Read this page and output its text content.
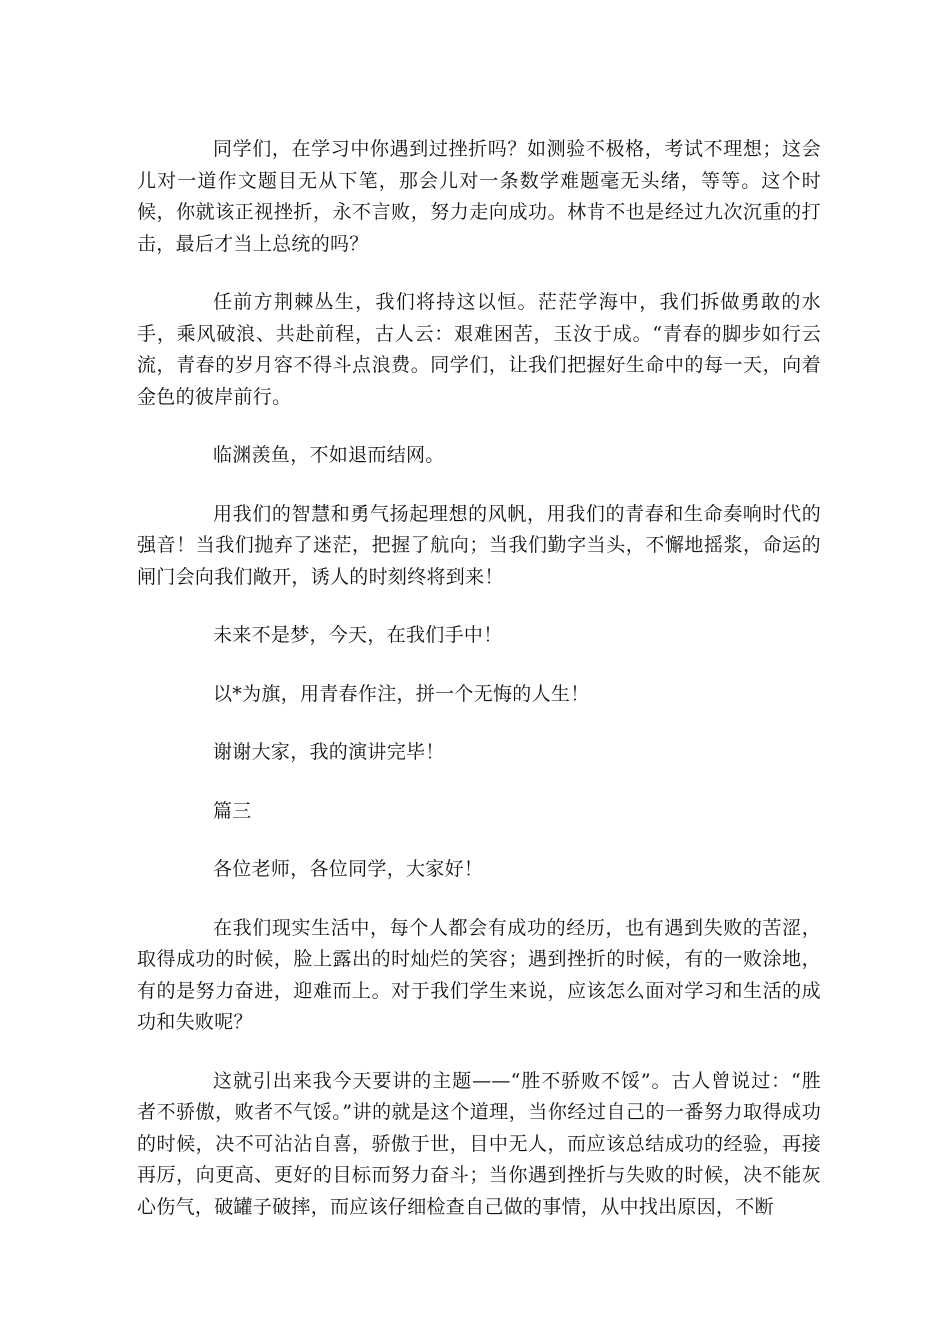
同学们，在学习中你遇到过挫折吗？如测验不极格，考试不理想；这会儿对一道作文题目无从下笔，那会儿对一条数学难题毫无头绪，等等。这个时候，你就该正视挫折，永不言败，努力走向成功。林肯不也是经过九次沉重的打击，最后才当上总统的吗？

任前方荆棘丛生，我们将持这以恒。茫茫学海中，我们拆做勇敢的水手，乘风破浪、共赴前程，古人云：艰难困苦，玉汝于成。“青春的脚步如行云流，青春的岁月容不得斗点浪费。同学们，让我们把握好生命中的每一天，向着金色的彼岸前行。

临渊羡鱼，不如退而结网。

用我们的智慧和勇气扬起理想的风帆，用我们的青春和生命奏响时代的强音！当我们抛弃了迷茫，把握了航向；当我们勤字当头，不懈地摇浆，命运的闸门会向我们敞开，诱人的时刻终将到来！

未来不是梦，今天，在我们手中！

以*为旗，用青春作注，拼一个无悔的人生！

谢谢大家，我的演讲完毕！

篇三

各位老师，各位同学，大家好！

在我们现实生活中，每个人都会有成功的经历，也有遇到失败的苦涩，取得成功的时候，脸上露出的时灿烂的笑容；遇到挫折的时候，有的一败涂地，有的是努力奋进，迎难而上。对于我们学生来说，应该怎么面对学习和生活的成功和失败呢？

这就引出来我今天要讲的主题——“胜不骄败不馁”。古人曾说过：“胜者不骄傲，败者不气馁。”讲的就是这个道理，当你经过自己的一番努力取得成功的时候，决不可沾沾自喜，骄傲于世，目中无人，而应该总结成功的经验，再接再厉，向更高、更好的目标而努力奋斗；当你遇到挫折与失败的时候，决不能灰心伤气，破罐子破摔，而应该仔细检查自己做的事情，从中找出原因，不断
